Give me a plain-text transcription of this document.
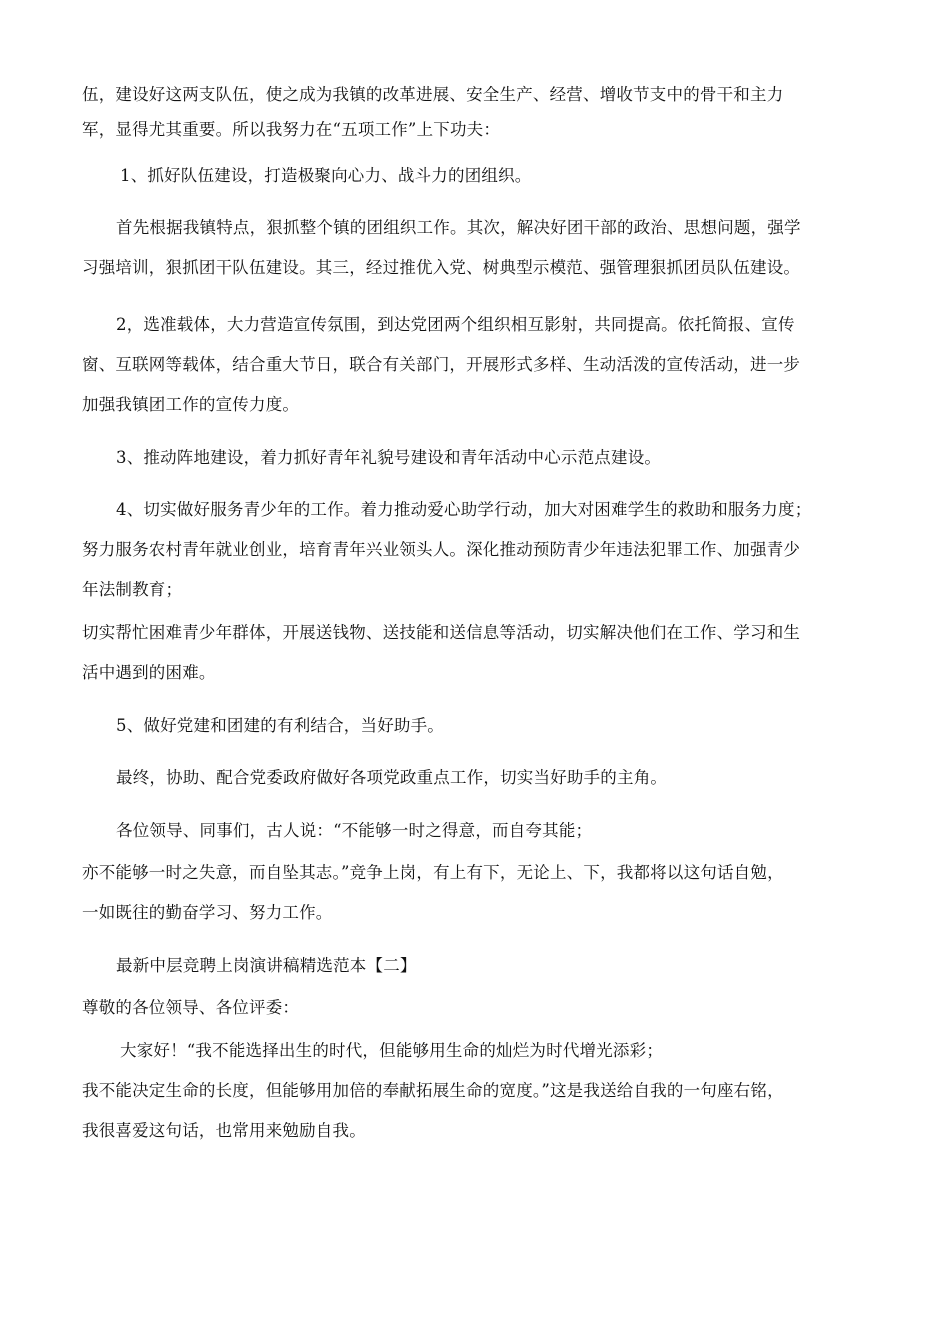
伍，建设好这两支队伍，使之成为我镇的改革进展、安全生产、经营、增收节支中的骨干和主力
军，显得尤其重要。所以我努力在“五项工作”上下功夫：
1、抓好队伍建设，打造极聚向心力、战斗力的团组织。
首先根据我镇特点，狠抓整个镇的团组织工作。其次，解决好团干部的政治、思想问题，强学
习强培训，狠抓团干队伍建设。其三，经过推优入党、树典型示模范、强管理狠抓团员队伍建设。
2，选准载体，大力营造宣传氛围，到达党团两个组织相互影射，共同提高。依托简报、宣传
窗、互联网等载体，结合重大节日，联合有关部门，开展形式多样、生动活泼的宣传活动，进一步
加强我镇团工作的宣传力度。
3、推动阵地建设，着力抓好青年礼貌号建设和青年活动中心示范点建设。
4、切实做好服务青少年的工作。着力推动爱心助学行动，加大对困难学生的救助和服务力度；
努力服务农村青年就业创业，培育青年兴业领头人。深化推动预防青少年违法犯罪工作、加强青少
年法制教育；
切实帮忙困难青少年群体，开展送钱物、送技能和送信息等活动，切实解决他们在工作、学习和生
活中遇到的困难。
5、做好党建和团建的有利结合，当好助手。
最终，协助、配合党委政府做好各项党政重点工作，切实当好助手的主角。
各位领导、同事们，古人说：“不能够一时之得意，而自夸其能；
亦不能够一时之失意，而自坠其志。”竞争上岗，有上有下，无论上、下，我都将以这句话自勉，
一如既往的勤奋学习、努力工作。
最新中层竞聘上岗演讲稿精选范本【二】
尊敬的各位领导、各位评委：
大家好！“我不能选择出生的时代，但能够用生命的灿烂为时代增光添彩；
我不能决定生命的长度，但能够用加倍的奉献拓展生命的宽度。”这是我送给自我的一句座右铭，
我很喜爱这句话，也常用来勉励自我。
